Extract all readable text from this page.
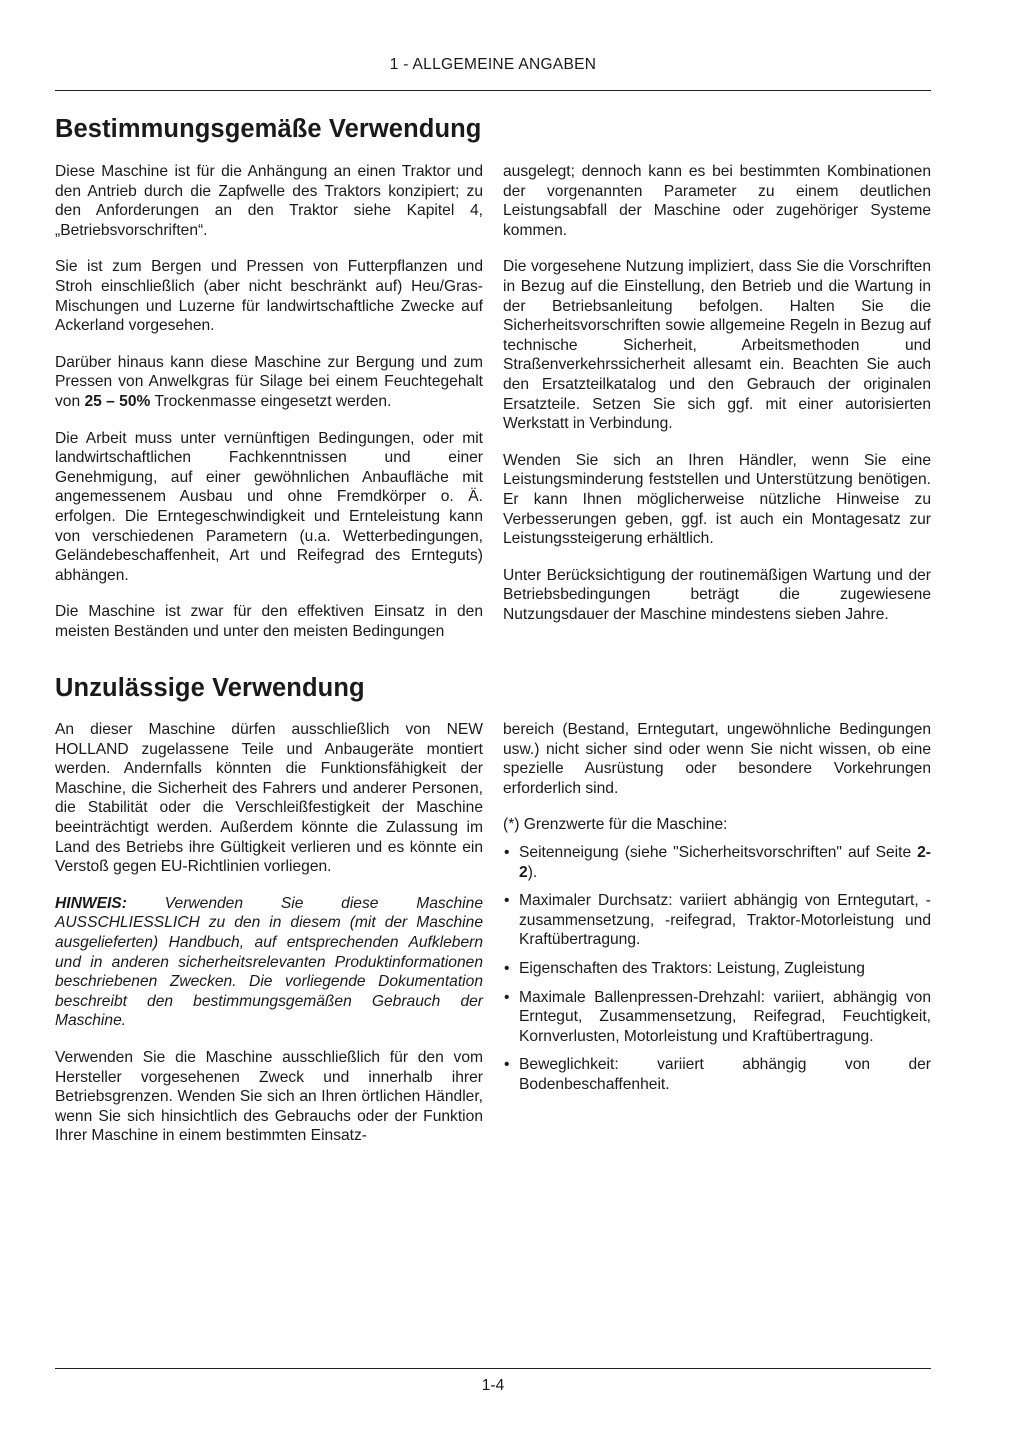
1 - ALLGEMEINE ANGABEN
Bestimmungsgemäße Verwendung

Diese Maschine ist für die Anhängung an einen Traktor und den Antrieb durch die Zapfwelle des Traktors konzipiert; zu den Anforderungen an den Traktor siehe Kapitel 4, „Betriebsvorschriften“.

Sie ist zum Bergen und Pressen von Futterpflanzen und Stroh einschließlich (aber nicht beschränkt auf) Heu/Gras-Mischungen und Luzerne für landwirtschaftliche Zwecke auf Ackerland vorgesehen.

Darüber hinaus kann diese Maschine zur Bergung und zum Pressen von Anwelkgras für Silage bei einem Feuchtegehalt von 25 – 50% Trockenmasse eingesetzt werden.

Die Arbeit muss unter vernünftigen Bedingungen, oder mit landwirtschaftlichen Fachkenntnissen und einer Genehmigung, auf einer gewöhnlichen Anbaufläche mit angemessenem Ausbau und ohne Fremdkörper o. Ä. erfolgen. Die Erntegeschwindigkeit und Ernteleistung kann von verschiedenen Parametern (u.a. Wetterbedingungen, Geländebeschaffenheit, Art und Reifegrad des Ernteguts) abhängen.

Die Maschine ist zwar für den effektiven Einsatz in den meisten Beständen und unter den meisten Bedingungen

ausgelegt; dennoch kann es bei bestimmten Kombinationen der vorgenannten Parameter zu einem deutlichen Leistungsabfall der Maschine oder zugehöriger Systeme kommen.

Die vorgesehene Nutzung impliziert, dass Sie die Vorschriften in Bezug auf die Einstellung, den Betrieb und die Wartung in der Betriebsanleitung befolgen. Halten Sie die Sicherheitsvorschriften sowie allgemeine Regeln in Bezug auf technische Sicherheit, Arbeitsmethoden und Straßenverkehrssicherheit allesamt ein. Beachten Sie auch den Ersatzteilkatalog und den Gebrauch der originalen Ersatzteile. Setzen Sie sich ggf. mit einer autorisierten Werkstatt in Verbindung.

Wenden Sie sich an Ihren Händler, wenn Sie eine Leistungsminderung feststellen und Unterstützung benötigen. Er kann Ihnen möglicherweise nützliche Hinweise zu Verbesserungen geben, ggf. ist auch ein Montagesatz zur Leistungssteigerung erhältlich.

Unter Berücksichtigung der routinemäßigen Wartung und der Betriebsbedingungen beträgt die zugewiesene Nutzungsdauer der Maschine mindestens sieben Jahre.

Unzulässige Verwendung

An dieser Maschine dürfen ausschließlich von NEW HOLLAND zugelassene Teile und Anbaugeräte montiert werden. Andernfalls könnten die Funktionsfähigkeit der Maschine, die Sicherheit des Fahrers und anderer Personen, die Stabilität oder die Verschleißfestigkeit der Maschine beeinträchtigt werden. Außerdem könnte die Zulassung im Land des Betriebs ihre Gültigkeit verlieren und es könnte ein Verstoß gegen EU-Richtlinien vorliegen.

HINWEIS: Verwenden Sie diese Maschine AUSSCHLIESSLICH zu den in diesem (mit der Maschine ausgelieferten) Handbuch, auf entsprechenden Aufklebern und in anderen sicherheitsrelevanten Produktinformationen beschriebenen Zwecken. Die vorliegende Dokumentation beschreibt den bestimmungsgemäßen Gebrauch der Maschine.

Verwenden Sie die Maschine ausschließlich für den vom Hersteller vorgesehenen Zweck und innerhalb ihrer Betriebsgrenzen. Wenden Sie sich an Ihren örtlichen Händler, wenn Sie sich hinsichtlich des Gebrauchs oder der Funktion Ihrer Maschine in einem bestimmten Einsatz-

bereich (Bestand, Erntegutart, ungewöhnliche Bedingungen usw.) nicht sicher sind oder wenn Sie nicht wissen, ob eine spezielle Ausrüstung oder besondere Vorkehrungen erforderlich sind.

(*) Grenzwerte für die Maschine:

• Seitenneigung (siehe "Sicherheitsvorschriften" auf Seite 2-2).
• Maximaler Durchsatz: variiert abhängig von Erntegutart, -zusammensetzung, -reifegrad, Traktor-Motorleistung und Kraftübertragung.
• Eigenschaften des Traktors: Leistung, Zugleistung
• Maximale Ballenpressen-Drehzahl: variiert, abhängig von Erntegut, Zusammensetzung, Reifegrad, Feuchtigkeit, Kornverlusten, Motorleistung und Kraftübertragung.
• Beweglichkeit: variiert abhängig von der Bodenbeschaffenheit.
1-4
